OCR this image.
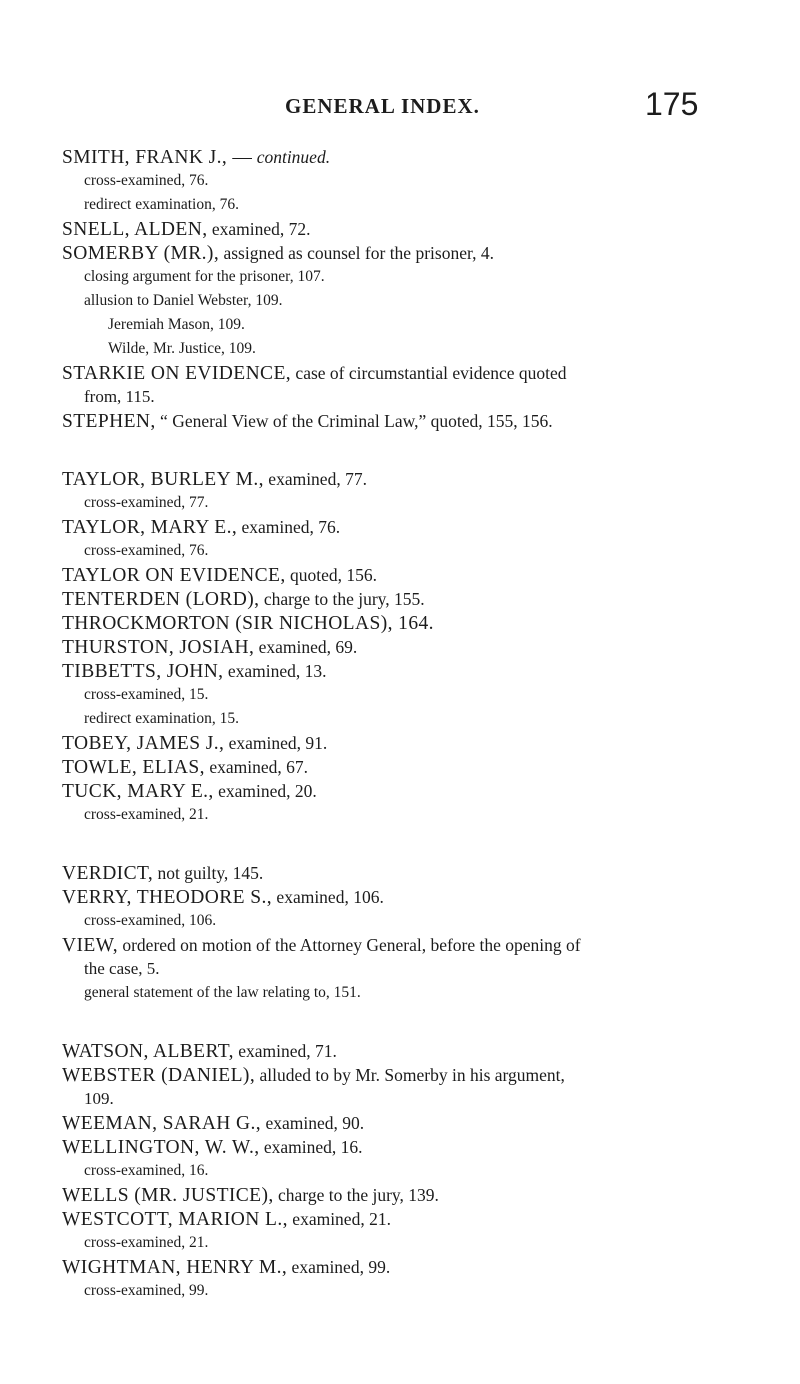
GENERAL INDEX.	175
SMITH, FRANK J., — continued.
cross-examined, 76.
redirect examination, 76.
SNELL, ALDEN, examined, 72.
SOMERBY (MR.), assigned as counsel for the prisoner, 4.
closing argument for the prisoner, 107.
allusion to Daniel Webster, 109.
Jeremiah Mason, 109.
Wilde, Mr. Justice, 109.
STARKIE ON EVIDENCE, case of circumstantial evidence quoted
from, 115.
STEPHEN, “ General View of the Criminal Law,” quoted, 155, 156.
TAYLOR, BURLEY M., examined, 77.
cross-examined, 77.
TAYLOR, MARY E., examined, 76.
cross-examined, 76.
TAYLOR ON EVIDENCE, quoted, 156.
TENTERDEN (LORD), charge to the jury, 155.
THROCKMORTON (SIR NICHOLAS), 164.
THURSTON, JOSIAH, examined, 69.
TIBBETTS, JOHN, examined, 13.
cross-examined, 15.
redirect examination, 15.
TOBEY, JAMES J., examined, 91.
TOWLE, ELIAS, examined, 67.
TUCK, MARY E., examined, 20.
cross-examined, 21.
VERDICT, not guilty, 145.
VERRY, THEODORE S., examined, 106.
cross-examined, 106.
VIEW, ordered on motion of the Attorney General, before the opening of
the case, 5.
general statement of the law relating to, 151.
WATSON, ALBERT, examined, 71.
WEBSTER (DANIEL), alluded to by Mr. Somerby in his argument,
109.
WEEMAN, SARAH G., examined, 90.
WELLINGTON, W. W., examined, 16.
cross-examined, 16.
WELLS (MR. JUSTICE), charge to the jury, 139.
WESTCOTT, MARION L., examined, 21.
cross-examined, 21.
WIGHTMAN, HENRY M., examined, 99.
cross-examined, 99.
